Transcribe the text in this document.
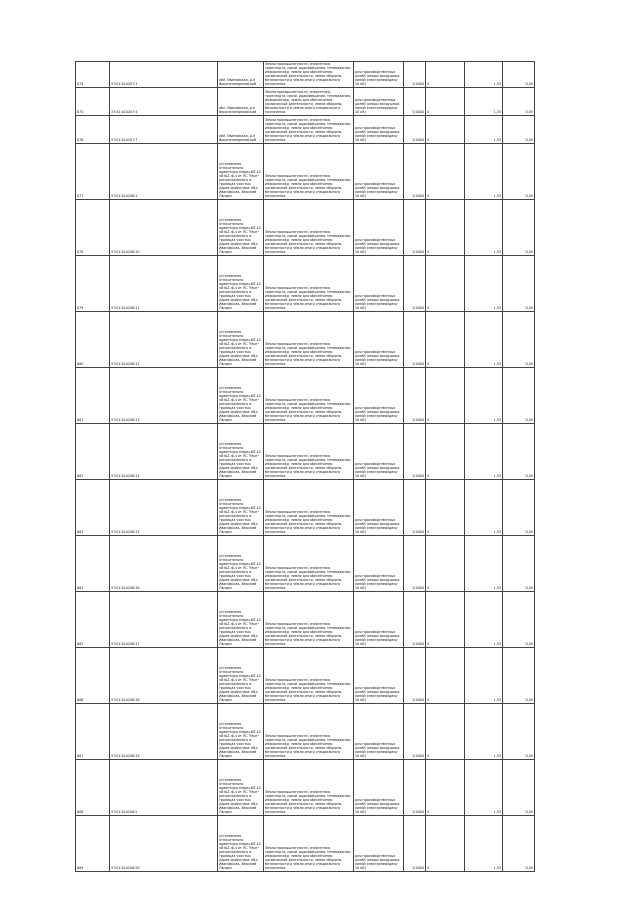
874	37:01:010207:3	обл. Ивановская, р-н Верхнеландеховский	Земли промышленности, энергетики, транспорта, связи, радиовещания, телевидения, информатики, земли для обеспечения космической деятельности, земли обороны, безопасности и земли иного специального назначения	для производственных целей (опоры воздушных линий электропередачи 10 кВ)	0,0004	4	1,33	0,05
875	37:01:010207:4	обл. Ивановская, р-н Верхнеландеховский	Земли промышленности, энергетики, транспорта, связи, радиовещания, телевидения, информатики, земли для обеспечения космической деятельности, земли обороны, безопасности и земли иного специального назначения	для производственных целей (опоры воздушных линий электропередачи 10 кВ)	0,0004	4	1,33	0,05
876	37:01:010207:7	обл. Ивановская, р-н Верхнеландеховский	Земли промышленности, энергетики, транспорта, связи, радиовещания, телевидения, информатики, земли для обеспечения космической деятельности, земли обороны, безопасности и земли иного специального назначения	для производственных целей (опоры воздушных линий электропередачи 10 кВ)	0,0004	4	1,33	0,05
877	37:01:010208:1	установлено относительно ориентира опоры ВЛ-10 кВ №1 ф.4 от ПС "Мыт" расположенного в границах участка. Адрес ориентира: обл. Ивановская, Верхний Ландех	Земли промышленности, энергетики, транспорта, связи, радиовещания, телевидения, информатики, земли для обеспечения космической деятельности, земли обороны, безопасности и земли иного специального назначения	для производственных целей (опоры воздушных линий электропередачи 10 кВ)	0,0004	4	1,33	0,05
878	37:01:010208:10	установлено относительно ориентира опоры ВЛ-10 кВ №1 ф.4 от ПС "Мыт" расположенного в границах участка. Адрес ориентира: обл. Ивановская, Верхний Ландех	Земли промышленности, энергетики, транспорта, связи, радиовещания, телевидения, информатики, земли для обеспечения космической деятельности, земли обороны, безопасности и земли иного специального назначения	для производственных целей (опоры воздушных линий электропередачи 10 кВ)	0,0004	4	1,33	0,05
879	37:01:010208:11	установлено относительно ориентира опоры ВЛ-10 кВ №1 ф.4 от ПС "Мыт" расположенного в границах участка. Адрес ориентира: обл. Ивановская, Верхний Ландех	Земли промышленности, энергетики, транспорта, связи, радиовещания, телевидения, информатики, земли для обеспечения космической деятельности, земли обороны, безопасности и земли иного специального назначения	для производственных целей (опоры воздушных линий электропередачи 10 кВ)	0,0004	4	1,33	0,05
880	37:01:010208:12	установлено относительно ориентира опоры ВЛ-10 кВ №1 ф.4 от ПС "Мыт" расположенного в границах участка. Адрес ориентира: обл. Ивановская, Верхний Ландех	Земли промышленности, энергетики, транспорта, связи, радиовещания, телевидения, информатики, земли для обеспечения космической деятельности, земли обороны, безопасности и земли иного специального назначения	для производственных целей (опоры воздушных линий электропередачи 10 кВ)	0,0004	4	1,33	0,05
881	37:01:010208:13	установлено относительно ориентира опоры ВЛ-10 кВ №1 ф.4 от ПС "Мыт" расположенного в границах участка. Адрес ориентира: обл. Ивановская, Верхний Ландех	Земли промышленности, энергетики, транспорта, связи, радиовещания, телевидения, информатики, земли для обеспечения космической деятельности, земли обороны, безопасности и земли иного специального назначения	для производственных целей (опоры воздушных линий электропередачи 10 кВ)	0,0004	4	1,33	0,05
882	37:01:010208:14	установлено относительно ориентира опоры ВЛ-10 кВ №1 ф.4 от ПС "Мыт" расположенного в границах участка. Адрес ориентира: обл. Ивановская, Верхний Ландех	Земли промышленности, энергетики, транспорта, связи, радиовещания, телевидения, информатики, земли для обеспечения космической деятельности, земли обороны, безопасности и земли иного специального назначения	для производственных целей (опоры воздушных линий электропередачи 10 кВ)	0,0004	4	1,33	0,05
883	37:01:010208:15	установлено относительно ориентира опоры ВЛ-10 кВ №1 ф.4 от ПС "Мыт" расположенного в границах участка. Адрес ориентира: обл. Ивановская, Верхний Ландех	Земли промышленности, энергетики, транспорта, связи, радиовещания, телевидения, информатики, земли для обеспечения космической деятельности, земли обороны, безопасности и земли иного специального назначения	для производственных целей (опоры воздушных линий электропередачи 10 кВ)	0,0004	4	1,33	0,05
884	37:01:010208:16	установлено относительно ориентира опоры ВЛ-10 кВ №1 ф.4 от ПС "Мыт" расположенного в границах участка. Адрес ориентира: обл. Ивановская, Верхний Ландех	Земли промышленности, энергетики, транспорта, связи, радиовещания, телевидения, информатики, земли для обеспечения космической деятельности, земли обороны, безопасности и земли иного специального назначения	для производственных целей (опоры воздушных линий электропередачи 10 кВ)	0,0004	4	1,33	0,05
885	37:01:010208:17	установлено относительно ориентира опоры ВЛ-10 кВ №1 ф.4 от ПС "Мыт" расположенного в границах участка. Адрес ориентира: обл. Ивановская, Верхний Ландех	Земли промышленности, энергетики, транспорта, связи, радиовещания, телевидения, информатики, земли для обеспечения космической деятельности, земли обороны, безопасности и земли иного специального назначения	для производственных целей (опоры воздушных линий электропередачи 10 кВ)	0,0004	4	1,33	0,05
886	37:01:010208:18	установлено относительно ориентира опоры ВЛ-10 кВ №1 ф.4 от ПС "Мыт" расположенного в границах участка. Адрес ориентира: обл. Ивановская, Верхний Ландех	Земли промышленности, энергетики, транспорта, связи, радиовещания, телевидения, информатики, земли для обеспечения космической деятельности, земли обороны, безопасности и земли иного специального назначения	для производственных целей (опоры воздушных линий электропередачи 10 кВ)	0,0004	4	1,33	0,05
887	37:01:010208:19	установлено относительно ориентира опоры ВЛ-10 кВ №1 ф.4 от ПС "Мыт" расположенного в границах участка. Адрес ориентира: обл. Ивановская, Верхний Ландех	Земли промышленности, энергетики, транспорта, связи, радиовещания, телевидения, информатики, земли для обеспечения космической деятельности, земли обороны, безопасности и земли иного специального назначения	для производственных целей (опоры воздушных линий электропередачи 10 кВ)	0,0004	4	1,33	0,05
888	37:01:010208:2	установлено относительно ориентира опоры ВЛ-10 кВ №1 ф.4 от ПС "Мыт" расположенного в границах участка. Адрес ориентира: обл. Ивановская, Верхний Ландех	Земли промышленности, энергетики, транспорта, связи, радиовещания, телевидения, информатики, земли для обеспечения космической деятельности, земли обороны, безопасности и земли иного специального назначения	для производственных целей (опоры воздушных линий электропередачи 10 кВ)	0,0004	4	1,33	0,05
889	37:01:010208:20	установлено относительно ориентира опоры ВЛ-10 кВ №1 ф.4 от ПС "Мыт" расположенного в границах участка. Адрес ориентира: обл. Ивановская, Верхний Ландех	Земли промышленности, энергетики, транспорта, связи, радиовещания, телевидения, информатики, земли для обеспечения космической деятельности, земли обороны, безопасности и земли иного специального назначения	для производственных целей (опоры воздушных линий электропередачи 10 кВ)	0,0004	4	1,33	0,05
